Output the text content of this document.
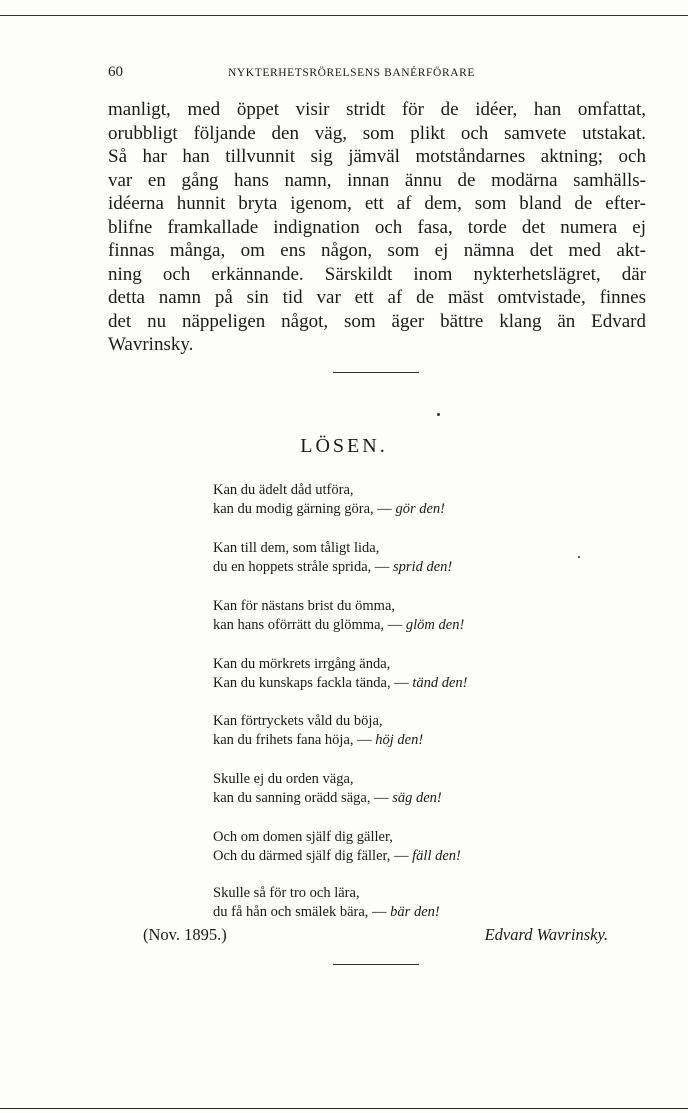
60	NYKTERHETSRÖRELSENS BANÉRFÖRARE
manligt, med öppet visir stridt för de idéer, han omfattat,
orubbligt följande den väg, som plikt och samvete utstakat.
Så har han tillvunnit sig jämväl motståndarnes aktning; och
var en gång hans namn, innan ännu de modärna samhälls-
idéerna hunnit bryta igenom, ett af dem, som bland de efter-
blifne framkallade indignation och fasa, torde det numera ej
finnas många, om ens någon, som ej nämna det med akt-
ning och erkännande. Särskildt inom nykterhetslägret, där
detta namn på sin tid var ett af de mäst omtvistade, finnes
det nu näppeligen något, som äger bättre klang än Edvard
Wavrinsky.
LÖSEN.
Kan du ädelt dåd utföra,
kan du modig gärning göra, — gör den!
Kan till dem, som tåligt lida,
du en hoppets stråle sprida, — sprid den!
Kan för nästans brist du ömma,
kan hans oförrätt du glömma, — glöm den!
Kan du mörkrets irrgång ända,
Kan du kunskaps fackla tända, — tänd den!
Kan förtryckets våld du böja,
kan du frihets fana höja, — höj den!
Skulle ej du orden väga,
kan du sanning orädd säga, — säg den!
Och om domen själf dig gäller,
Och du därmed själf dig fäller, — fäll den!
Skulle så för tro och lära,
du få hån och smälek bära, — bär den!
(Nov. 1895.)	Edvard Wavrinsky.
